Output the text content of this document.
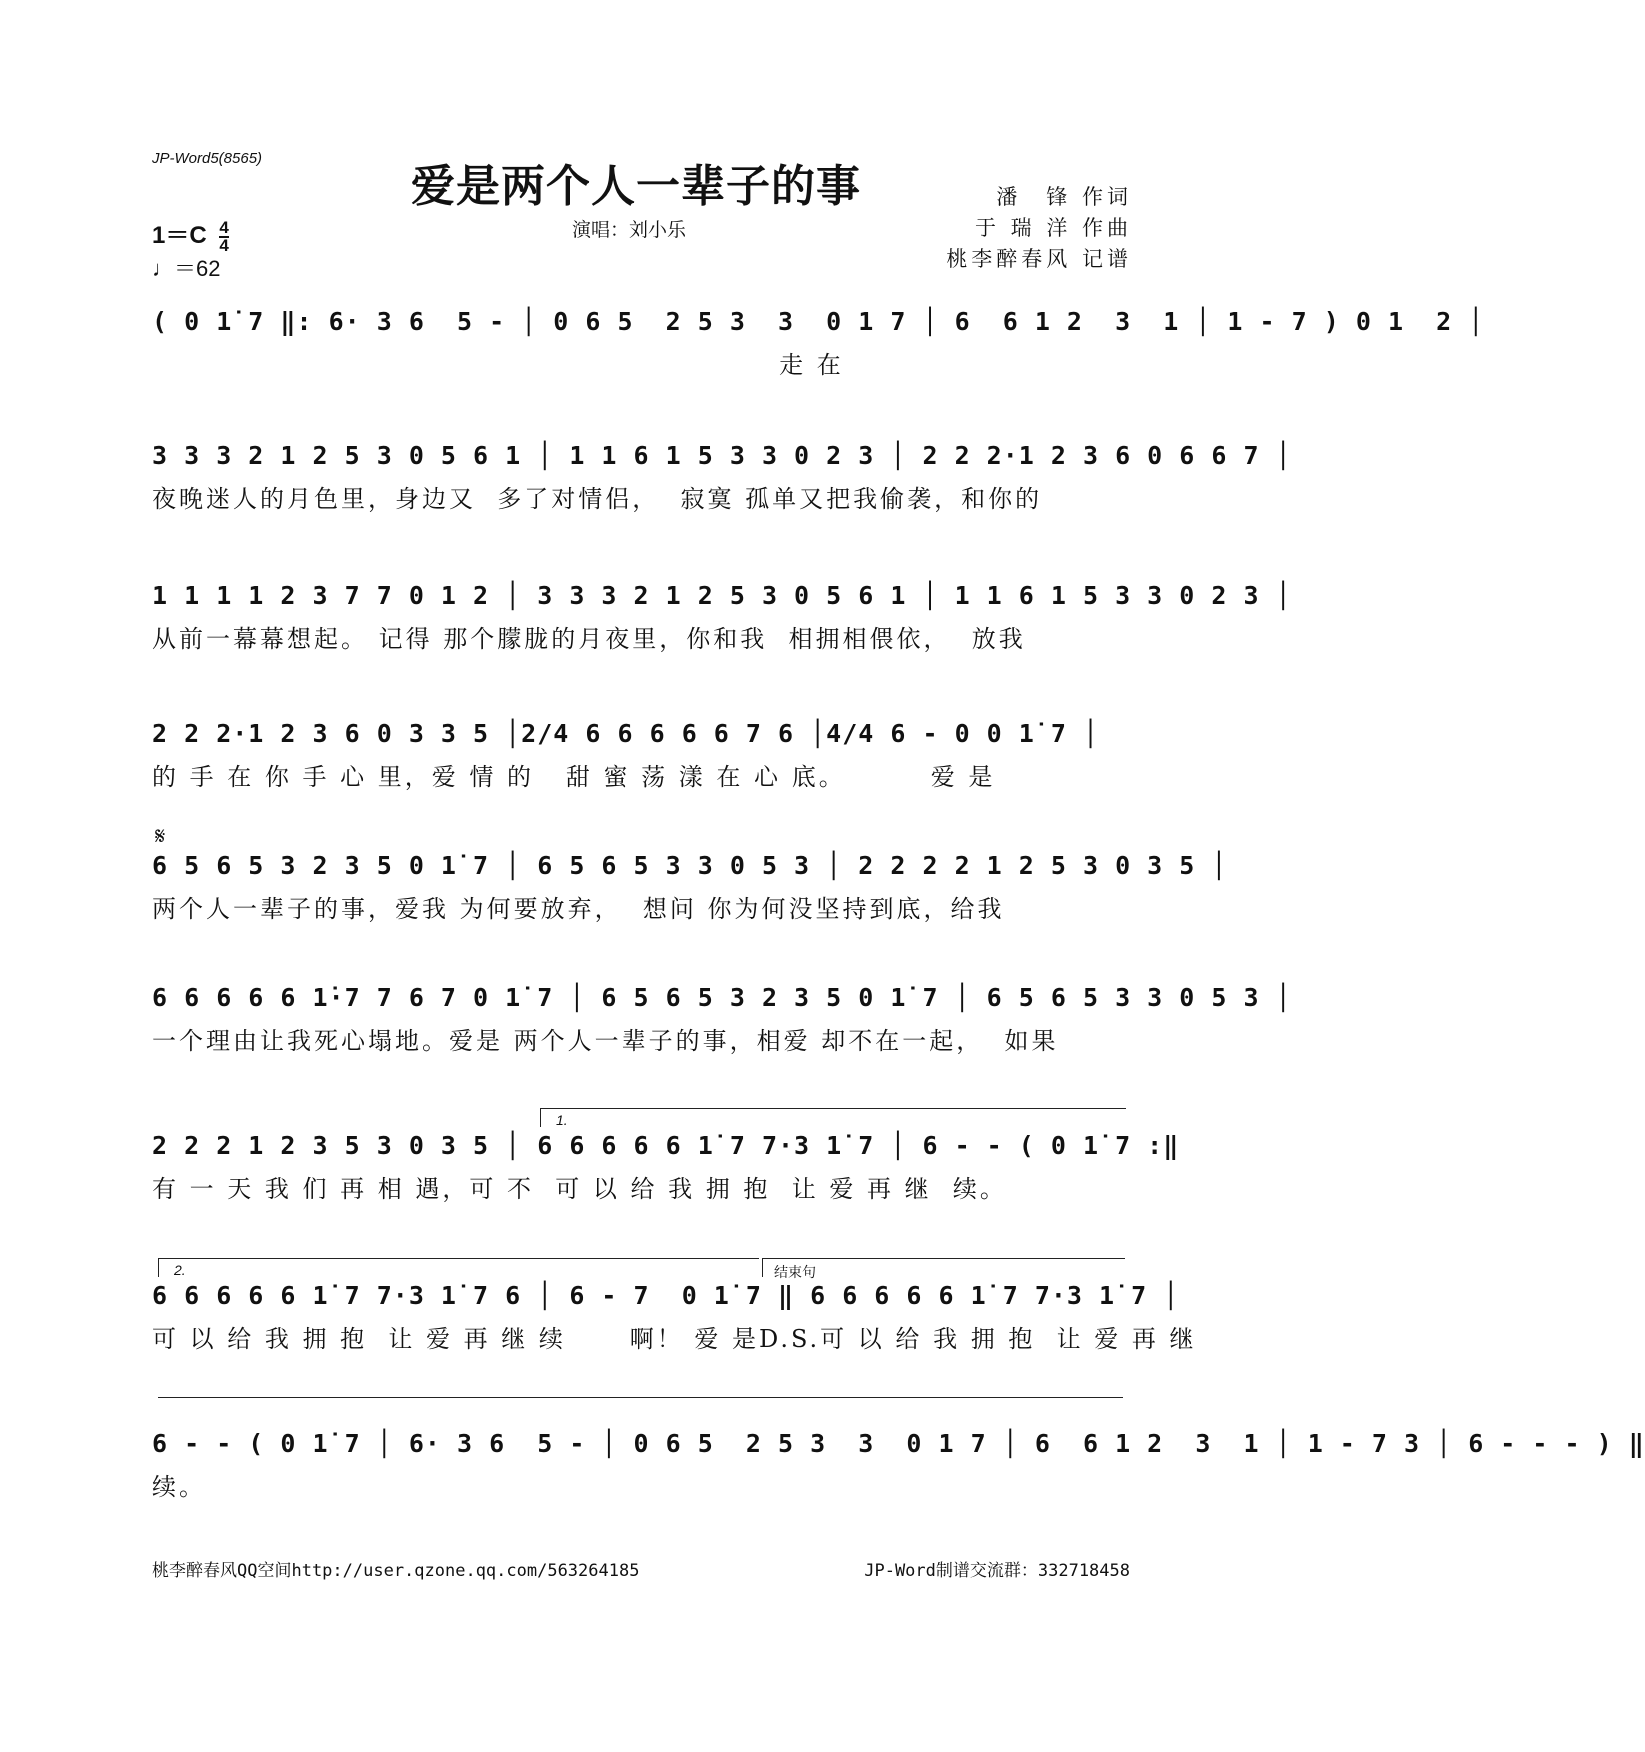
JP-Word5(8565)
爱是两个人一辈子的事
演唱：刘小乐
潘　锋 作词
于 瑞 洋 作曲
桃李醉春风 记谱
$1=C \frac{4}{4}$
♩＝62
( 0 1̇ 7 ‖: 6· 3 6  5 - │ 0 6 5  2 5 3  3  0 1 7 │ 6  6 1 2  3  1 │ 1 - 7 ) 0 1  2 │
走 在
3 3 3 2 1 2 5 3 0 5 6 1 │ 1 1 6 1 5 3 3 0 2 3 │ 2 2 2·1 2 3 6 0 6 6 7 │
夜晚迷人的月色里，身边又  多了对情侣，  寂寞 孤单又把我偷袭，和你的
1 1 1 1 2 3 7 7 0 1 2 │ 3 3 3 2 1 2 5 3 0 5 6 1 │ 1 1 6 1 5 3 3 0 2 3 │
从前一幕幕想起。 记得 那个朦胧的月夜里，你和我  相拥相偎依，  放我
2 2 2·1 2 3 6 0 3 3 5 │2/4 6 6 6 6 6 7 6 │4/4 6 - 0 0 1̇ 7 │
的 手 在 你 手 心 里，爱 情 的   甜 蜜 荡 漾 在 心 底。        爱 是
𝄋
6 5 6 5 3 2 3 5 0 1̇ 7 │ 6 5 6 5 3 3 0 5 3 │ 2 2 2 2 1 2 5 3 0 3 5 │
两个人一辈子的事，爱我 为何要放弃，  想问 你为何没坚持到底，给我
6 6 6 6 6 1̇·7 7 6 7 0 1̇ 7 │ 6 5 6 5 3 2 3 5 0 1̇ 7 │ 6 5 6 5 3 3 0 5 3 │
一个理由让我死心塌地。爱是 两个人一辈子的事，相爱 却不在一起，  如果
1.
2 2 2 1 2 3 5 3 0 3 5 │ 6 6 6 6 6 1̇ 7 7·3 1̇ 7 │ 6 - - ( 0 1̇ 7 :‖
有 一 天 我 们 再 相 遇，可 不  可 以 给 我 拥 抱  让 爱 再 继  续。
2.	结束句
6 6 6 6 6 1̇ 7 7·3 1̇ 7 6 │ 6 - 7  0 1̇ 7 ‖ 6 6 6 6 6 1̇ 7 7·3 1̇ 7 │
可 以 给 我 拥 抱  让 爱 再 继 续      啊！ 爱 是D.S.可 以 给 我 拥 抱  让 爱 再 继
6 - - ( 0 1̇ 7 │ 6· 3 6  5 - │ 0 6 5  2 5 3  3  0 1 7 │ 6  6 1 2  3  1 │ 1 - 7 3 │ 6 - - - ) ‖
续。
桃李醉春风QQ空间http://user.qzone.qq.com/563264185	JP-Word制谱交流群：332718458
